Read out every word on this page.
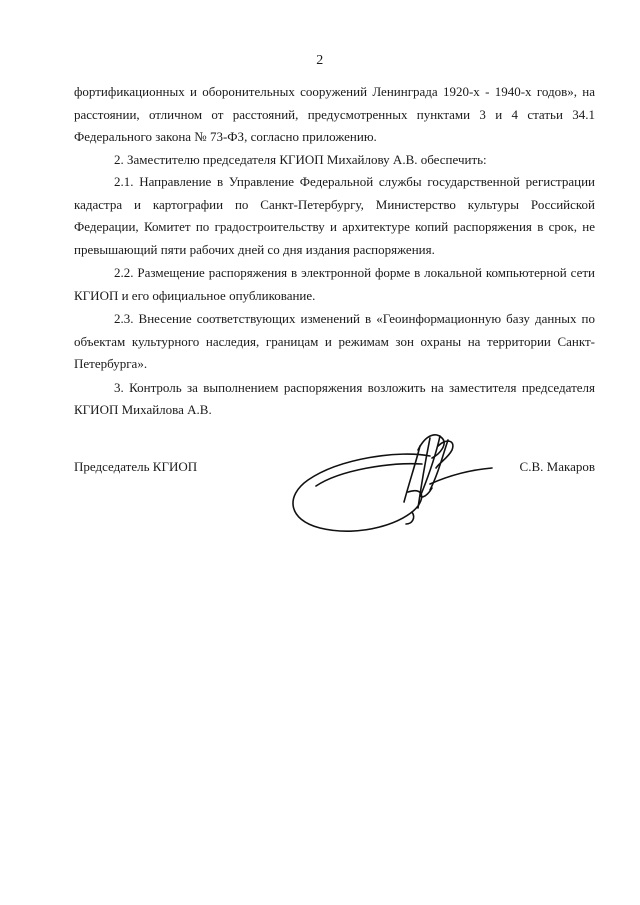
2

фортификационных и оборонительных сооружений Ленинграда 1920-х - 1940-х годов», на расстоянии, отличном от расстояний, предусмотренных пунктами 3 и 4 статьи 34.1 Федерального закона № 73-ФЗ, согласно приложению.

2. Заместителю председателя КГИОП Михайлову А.В. обеспечить:

2.1. Направление в Управление Федеральной службы государственной регистрации кадастра и картографии по Санкт-Петербургу, Министерство культуры Российской Федерации, Комитет по градостроительству и архитектуре копий распоряжения в срок, не превышающий пяти рабочих дней со дня издания распоряжения.

2.2. Размещение распоряжения в электронной форме в локальной компьютерной сети КГИОП и его официальное опубликование.

2.3. Внесение соответствующих изменений в «Геоинформационную базу данных по объектам культурного наследия, границам и режимам зон охраны на территории Санкт-Петербурга».

3. Контроль за выполнением распоряжения возложить на заместителя председателя КГИОП Михайлова А.В.

Председатель КГИОП	С.В. Макаров
